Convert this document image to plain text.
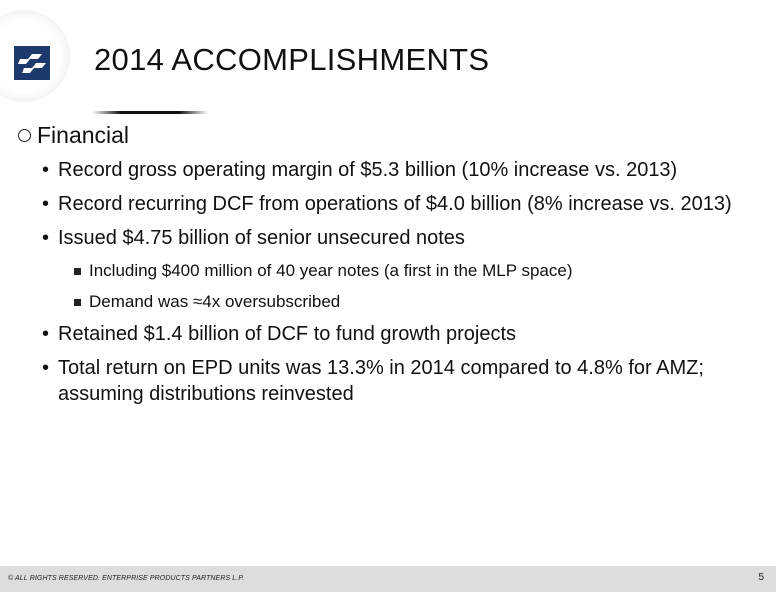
2014 ACCOMPLISHMENTS
Financial
• Record gross operating margin of $5.3 billion (10% increase vs. 2013)
• Record recurring DCF from operations of $4.0 billion (8% increase vs. 2013)
• Issued $4.75 billion of senior unsecured notes
Including $400 million of 40 year notes (a first in the MLP space)
Demand was ≈4x oversubscribed
• Retained $1.4 billion of DCF to fund growth projects
• Total return on EPD units was 13.3% in 2014 compared to 4.8% for AMZ; assuming distributions reinvested
© ALL RIGHTS RESERVED. ENTERPRISE PRODUCTS PARTNERS L.P.	5
